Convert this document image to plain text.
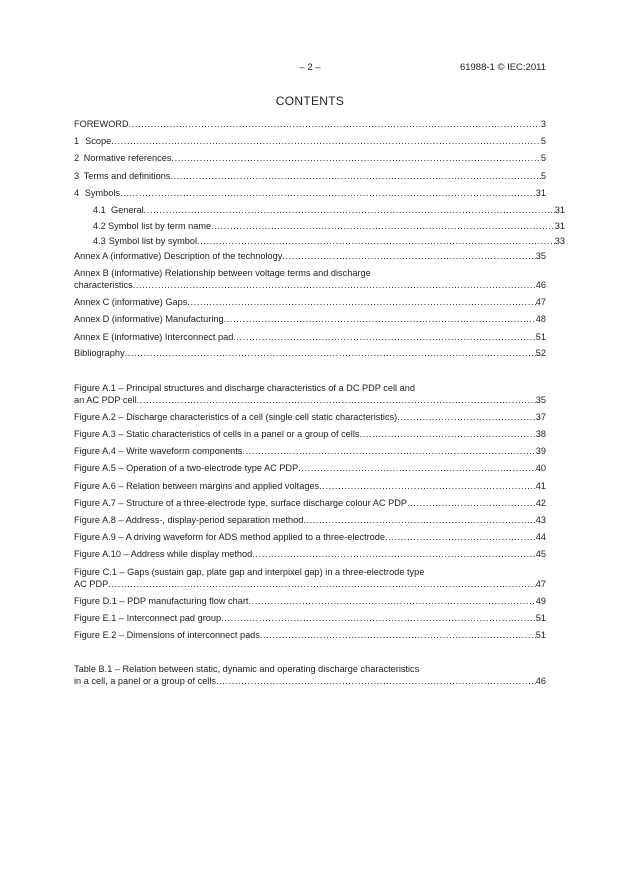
– 2 –	61988-1 © IEC:2011
CONTENTS
FOREWORD .....	3
1 Scope .....	5
2 Normative references .....	5
3 Terms and definitions .....	5
4 Symbols .....	31
4.1 General .....	31
4.2 Symbol list by term name .....	31
4.3 Symbol list by symbol .....	33
Annex A (informative) Description of the technology .....	35
Annex B (informative) Relationship between voltage terms and discharge
characteristics .....	46
Annex C (informative) Gaps .....	47
Annex D (informative) Manufacturing .....	48
Annex E (informative) Interconnect pad .....	51
Bibliography .....	52
Figure A.1 – Principal structures and discharge characteristics of a DC PDP cell and
an AC PDP cell .....	35
Figure A.2 – Discharge characteristics of a cell (single cell static characteristics) .....	37
Figure A.3 – Static characteristics of cells in a panel or a group of cells .....	38
Figure A.4 – Write waveform components .....	39
Figure A.5 – Operation of a two-electrode type AC PDP .....	40
Figure A.6 – Relation between margins and applied voltages .....	41
Figure A.7 – Structure of a three-electrode type, surface discharge colour AC PDP .....	42
Figure A.8 – Address-, display-period separation method .....	43
Figure A.9 – A driving waveform for ADS method applied to a three-electrode .....	44
Figure A.10 – Address while display method .....	45
Figure C.1 – Gaps (sustain gap, plate gap and interpixel gap) in a three-electrode type
AC PDP .....	47
Figure D.1 – PDP manufacturing flow chart .....	49
Figure E.1 – Interconnect pad group .....	51
Figure E.2 – Dimensions of interconnect pads .....	51
Table B.1 – Relation between static, dynamic and operating discharge characteristics
in a cell, a panel or a group of cells .....	46
